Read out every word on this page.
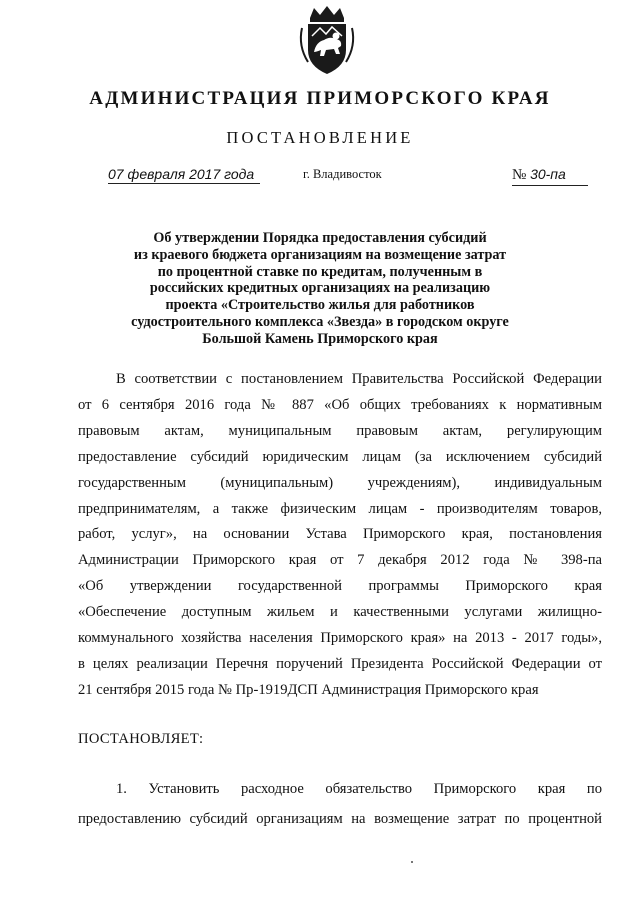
АДМИНИСТРАЦИЯ ПРИМОРСКОГО КРАЯ
ПОСТАНОВЛЕНИЕ
07 февраля 2017 года	г. Владивосток	№ 30-па
Об утверждении Порядка предоставления субсидий
из краевого бюджета организациям на возмещение затрат
по процентной ставке по кредитам, полученным в
российских кредитных организациях на реализацию
проекта «Строительство жилья для работников
судостроительного комплекса «Звезда» в городском округе
Большой Камень Приморского края
В соответствии с постановлением Правительства Российской Федерации
от 6 сентября 2016 года № 887 «Об общих требованиях к нормативным
правовым актам, муниципальным правовым актам, регулирующим
предоставление субсидий юридическим лицам (за исключением субсидий
государственным (муниципальным) учреждениям), индивидуальным
предпринимателям, а также физическим лицам - производителям товаров,
работ, услуг», на основании Устава Приморского края, постановления
Администрации Приморского края от 7 декабря 2012 года № 398-па
«Об утверждении государственной программы Приморского края
«Обеспечение доступным жильем и качественными услугами жилищно-
коммунального хозяйства населения Приморского края» на 2013 - 2017 годы»,
в целях реализации Перечня поручений Президента Российской Федерации от
21 сентября 2015 года № Пр-1919ДСП Администрация Приморского края
ПОСТАНОВЛЯЕТ:
1. Установить расходное обязательство Приморского края по
предоставлению субсидий организациям на возмещение затрат по процентной
